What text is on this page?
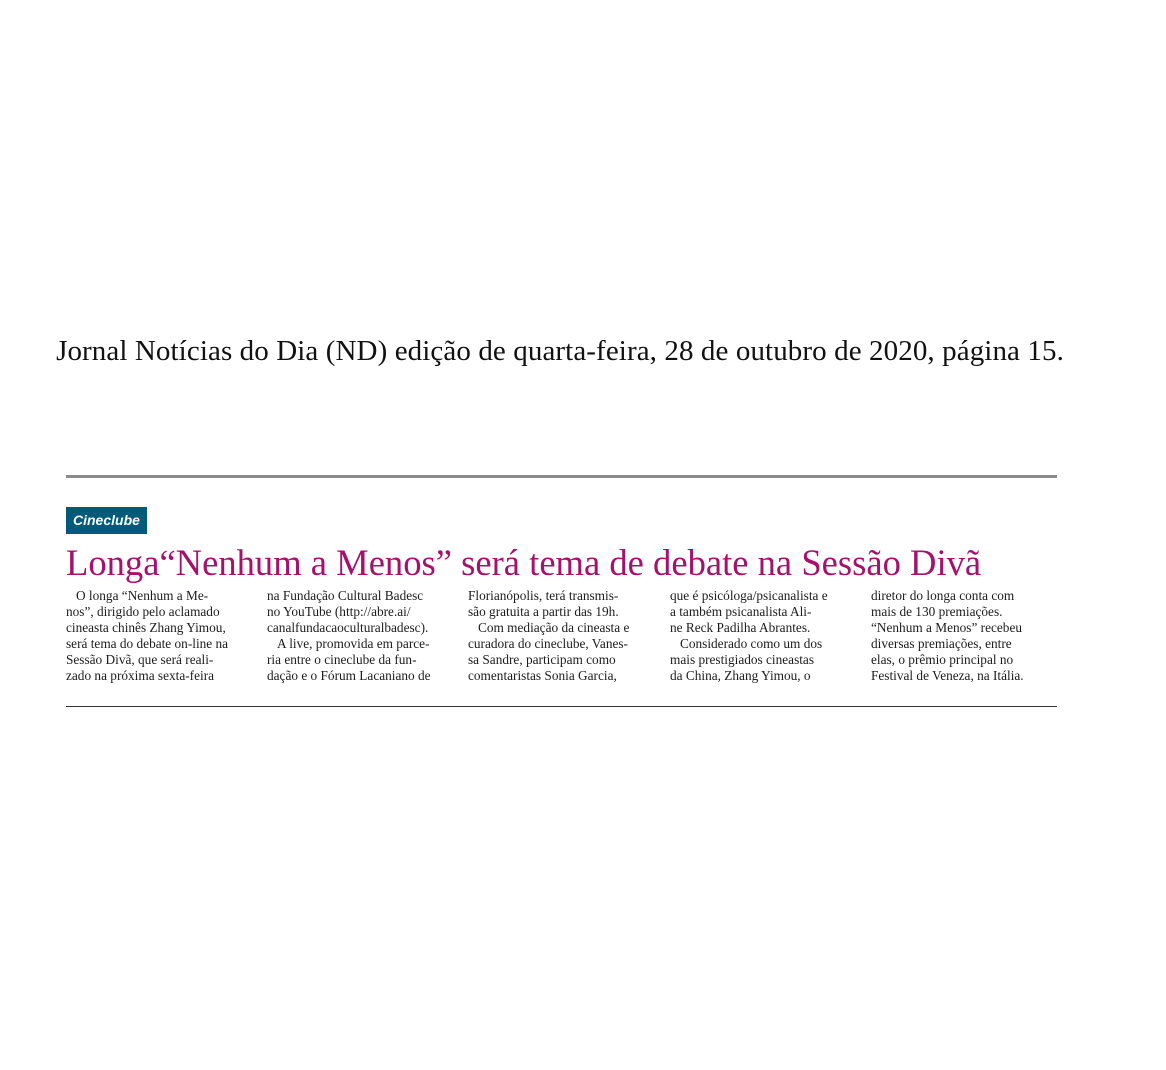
Jornal Notícias do Dia (ND) edição de quarta-feira, 28 de outubro de 2020, página 15.
Cineclube
Longa“Nenhum a Menos” será tema de debate na Sessão Divã
O longa “Nenhum a Me-
nos”, dirigido pelo aclamado
cineasta chinês Zhang Yimou,
será tema do debate on-line na
Sessão Divã, que será reali-
zado na próxima sexta-feira
na Fundação Cultural Badesc
no YouTube (http://abre.ai/
canalfundacaoculturalbadesc).
A live, promovida em parce-
ria entre o cineclube da fun-
dação e o Fórum Lacaniano de
Florianópolis, terá transmis-
são gratuita a partir das 19h.
Com mediação da cineasta e
curadora do cineclube, Vanes-
sa Sandre, participam como
comentaristas Sonia Garcia,
que é psicóloga/psicanalista e
a também psicanalista Ali-
ne Reck Padilha Abrantes.
Considerado como um dos
mais prestigiados cineastas
da China, Zhang Yimou, o
diretor do longa conta com
mais de 130 premiações.
“Nenhum a Menos” recebeu
diversas premiações, entre
elas, o prêmio principal no
Festival de Veneza, na Itália.
